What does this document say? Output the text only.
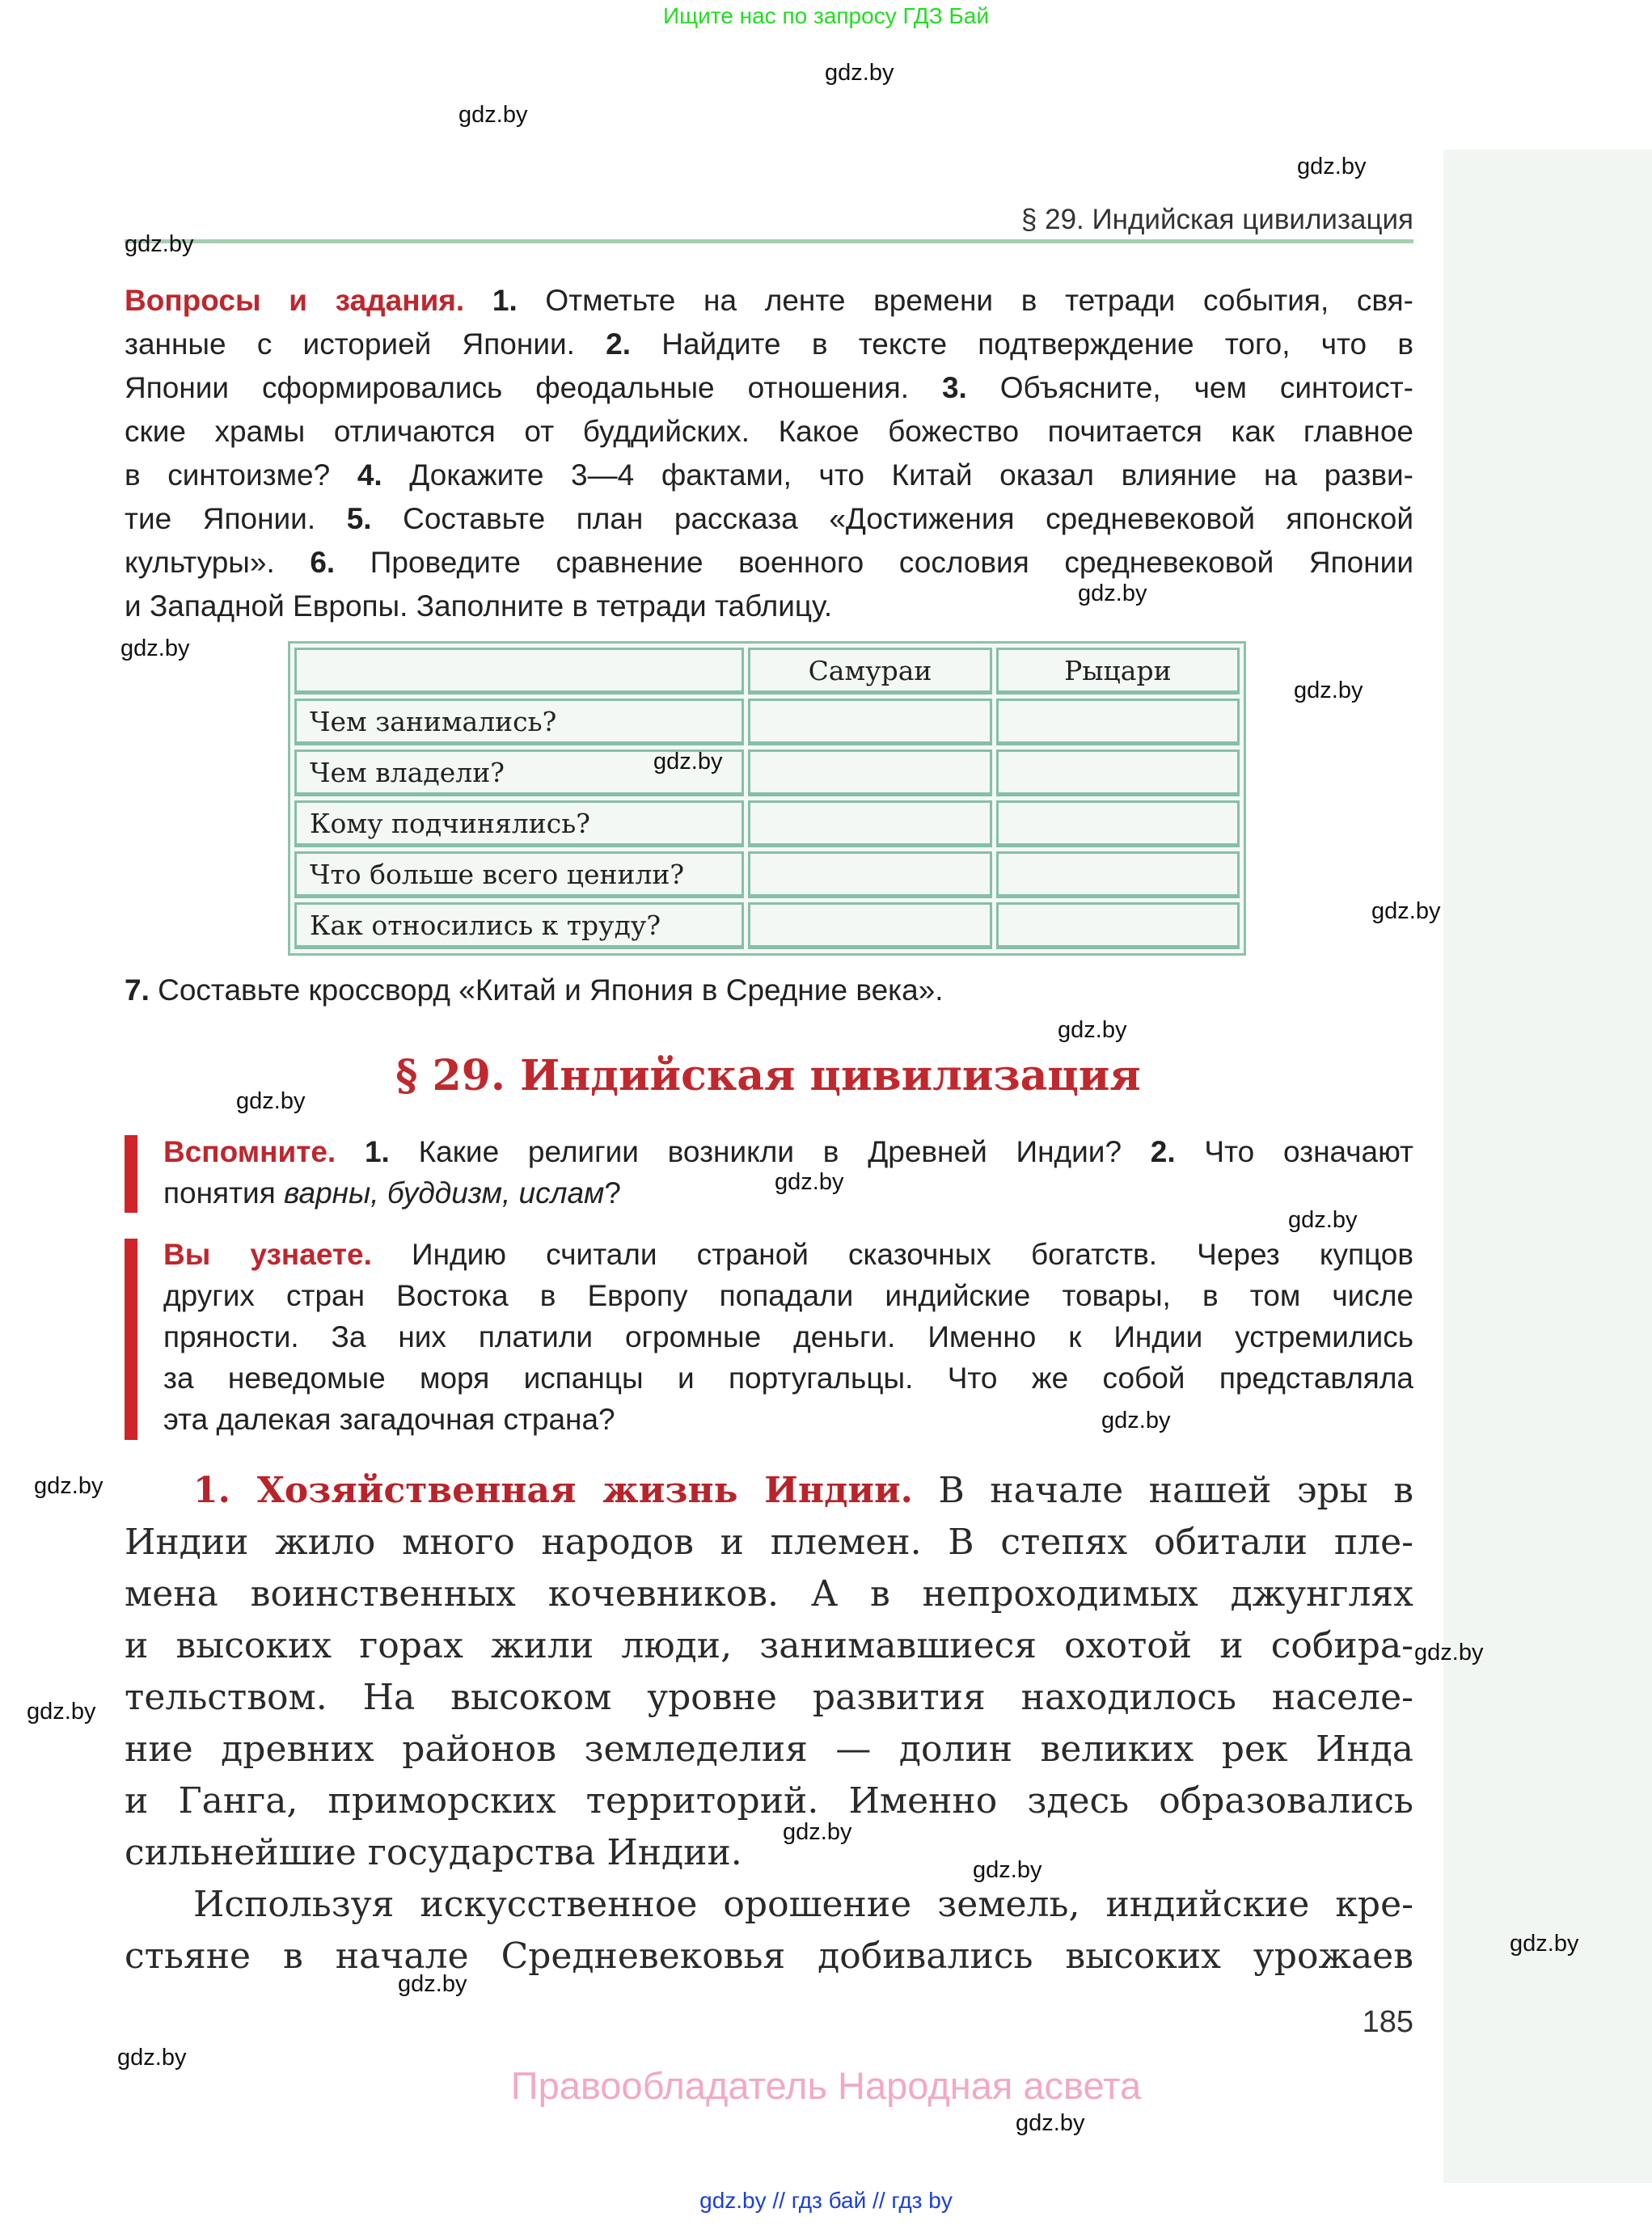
Ищите нас по запросу ГДЗ Бай
§ 29. Индийская цивилизация
Вопросы и задания. 1. Отметьте на ленте времени в тетради события, свя-
занные с историей Японии. 2. Найдите в тексте подтверждение того, что в
Японии сформировались феодальные отношения. 3. Объясните, чем синтоист-
ские храмы отличаются от буддийских. Какое божество почитается как главное
в синтоизме? 4. Докажите 3—4 фактами, что Китай оказал влияние на разви-
тие Японии. 5. Составьте план рассказа «Достижения средневековой японской
культуры». 6. Проведите сравнение военного сословия средневековой Японии
и Западной Европы. Заполните в тетради таблицу.
	Самураи	Рыцари
Чем занимались?		
Чем владели?		
Кому подчинялись?		
Что больше всего ценили?		
Как относились к труду?		
7. Составьте кроссворд «Китай и Япония в Средние века».
§ 29. Индийская цивилизация
Вспомните. 1. Какие религии возникли в Древней Индии? 2. Что означают
понятия варны, буддизм, ислам?
Вы узнаете. Индию считали страной сказочных богатств. Через купцов
других стран Востока в Европу попадали индийские товары, в том числе
пряности. За них платили огромные деньги. Именно к Индии устремились
за неведомые моря испанцы и португальцы. Что же собой представляла
эта далекая загадочная страна?
1. Хозяйственная жизнь Индии. В начале нашей эры в
Индии жило много народов и племен. В степях обитали пле-
мена воинственных кочевников. А в непроходимых джунглях
и высоких горах жили люди, занимавшиеся охотой и собира-
тельством. На высоком уровне развития находилось населе-
ние древних районов земледелия — долин великих рек Инда
и Ганга, приморских территорий. Именно здесь образовались
сильнейшие государства Индии.
Используя искусственное орошение земель, индийские кре-
стьяне в начале Средневековья добивались высоких урожаев
185
Правообладатель Народная асвета
gdz.by // гдз бай // гдз by
gdz.by
gdz.by
gdz.by
gdz.by
gdz.by
gdz.by
gdz.by
gdz.by
gdz.by
gdz.by
gdz.by
gdz.by
gdz.by
gdz.by
gdz.by
gdz.by
gdz.by
gdz.by
gdz.by
gdz.by
gdz.by
gdz.by
gdz.by
